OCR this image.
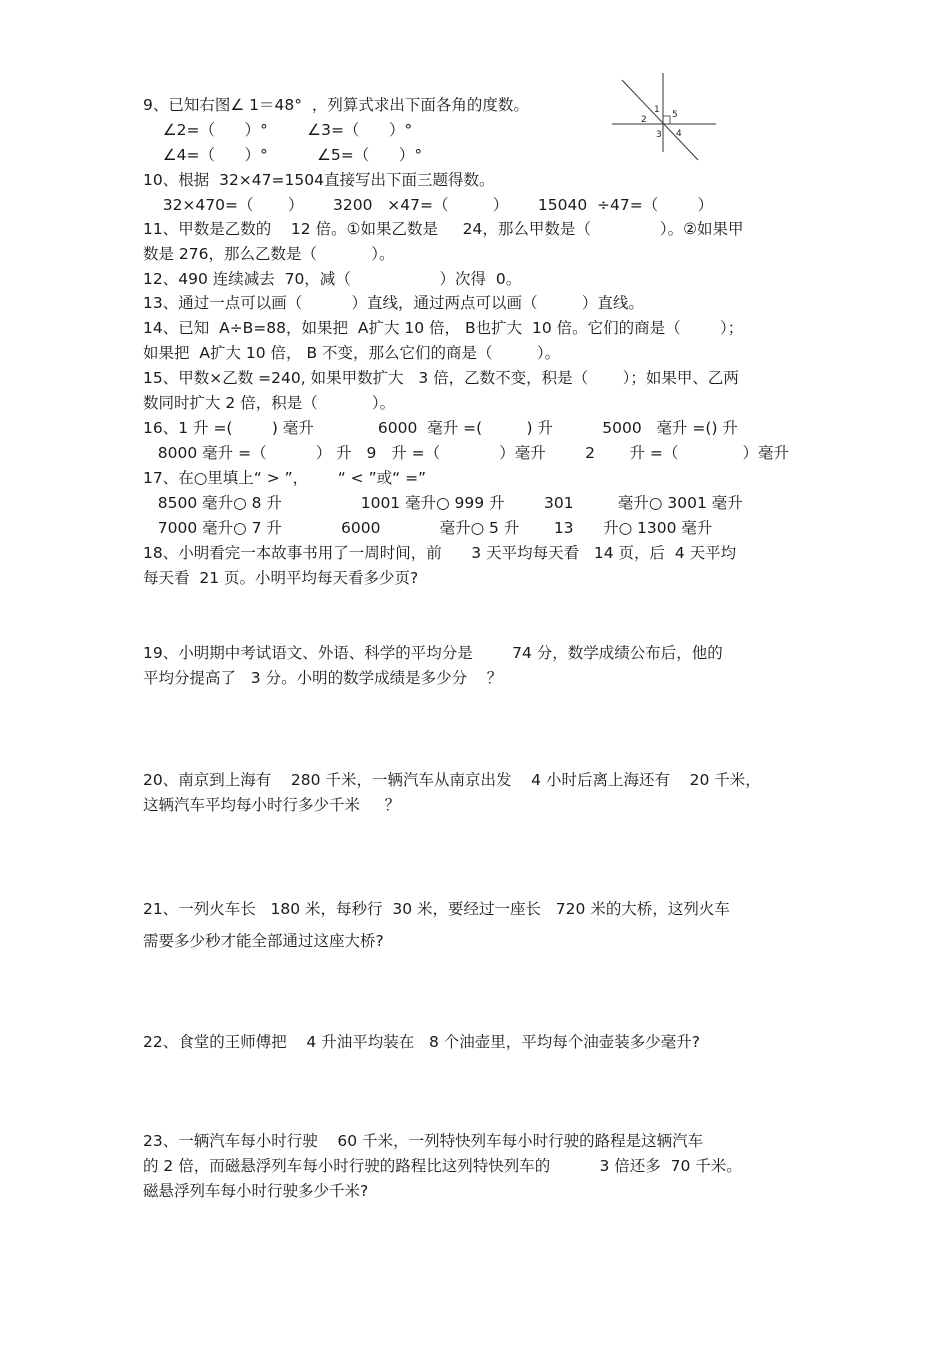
1
2
3 4
5

9、已知右图∠ 1＝48°  ，列算式求出下面各角的度数。

∠2=（      ）°        ∠3=（      ）°

∠4=（      ）°          ∠5=（      ）°

10、根据  32×47=1504直接写出下面三题得数。

32×470=（       ）      3200   ×47=（         ）      15040  ÷47=（        ）

11、甲数是乙数的    12 倍。①如果乙数是     24，那么甲数是（              ）。②如果甲

数是 276，那么乙数是（           ）。

12、490 连续减去  70，减（                  ）次得  0。

13、通过一点可以画（          ）直线，通过两点可以画（         ）直线。

14、已知  A÷B=88，如果把  A扩大 10 倍， B也扩大  10 倍。它们的商是（        ）；

如果把  A扩大 10 倍， B 不变，那么它们的商是（         ）。

15、甲数×乙数 =240, 如果甲数扩大   3 倍，乙数不变，积是（       ）；如果甲、乙两

数同时扩大 2 倍，积是（           ）。

16、1 升 =(        ) 毫升             6000  毫升 =(         ) 升          5000   毫升 =() 升

8000 毫升 =（          ） 升   9   升 =（            ）毫升        2       升 =（             ）毫升

17、在○里填上“ > ”，      “ < ”或“ =”

8500 毫升○ 8 升                1001 毫升○ 999 升        301         毫升○ 3001 毫升

7000 毫升○ 7 升            6000            毫升○ 5 升       13      升○ 1300 毫升

18、小明看完一本故事书用了一周时间，前      3 天平均每天看   14 页，后  4 天平均

每天看  21 页。小明平均每天看多少页?

19、小明期中考试语文、外语、科学的平均分是        74 分，数学成绩公布后，他的

平均分提高了   3 分。小明的数学成绩是多少分    ？

20、南京到上海有    280 千米，一辆汽车从南京出发    4 小时后离上海还有    20 千米，

这辆汽车平均每小时行多少千米     ？

21、一列火车长   180 米，每秒行  30 米，要经过一座长   720 米的大桥，这列火车

需要多少秒才能全部通过这座大桥?

22、食堂的王师傅把    4 升油平均装在   8 个油壶里，平均每个油壶装多少毫升?

23、一辆汽车每小时行驶    60 千米，一列特快列车每小时行驶的路程是这辆汽车

的 2 倍，而磁悬浮列车每小时行驶的路程比这列特快列车的          3 倍还多  70 千米。

磁悬浮列车每小时行驶多少千米?
